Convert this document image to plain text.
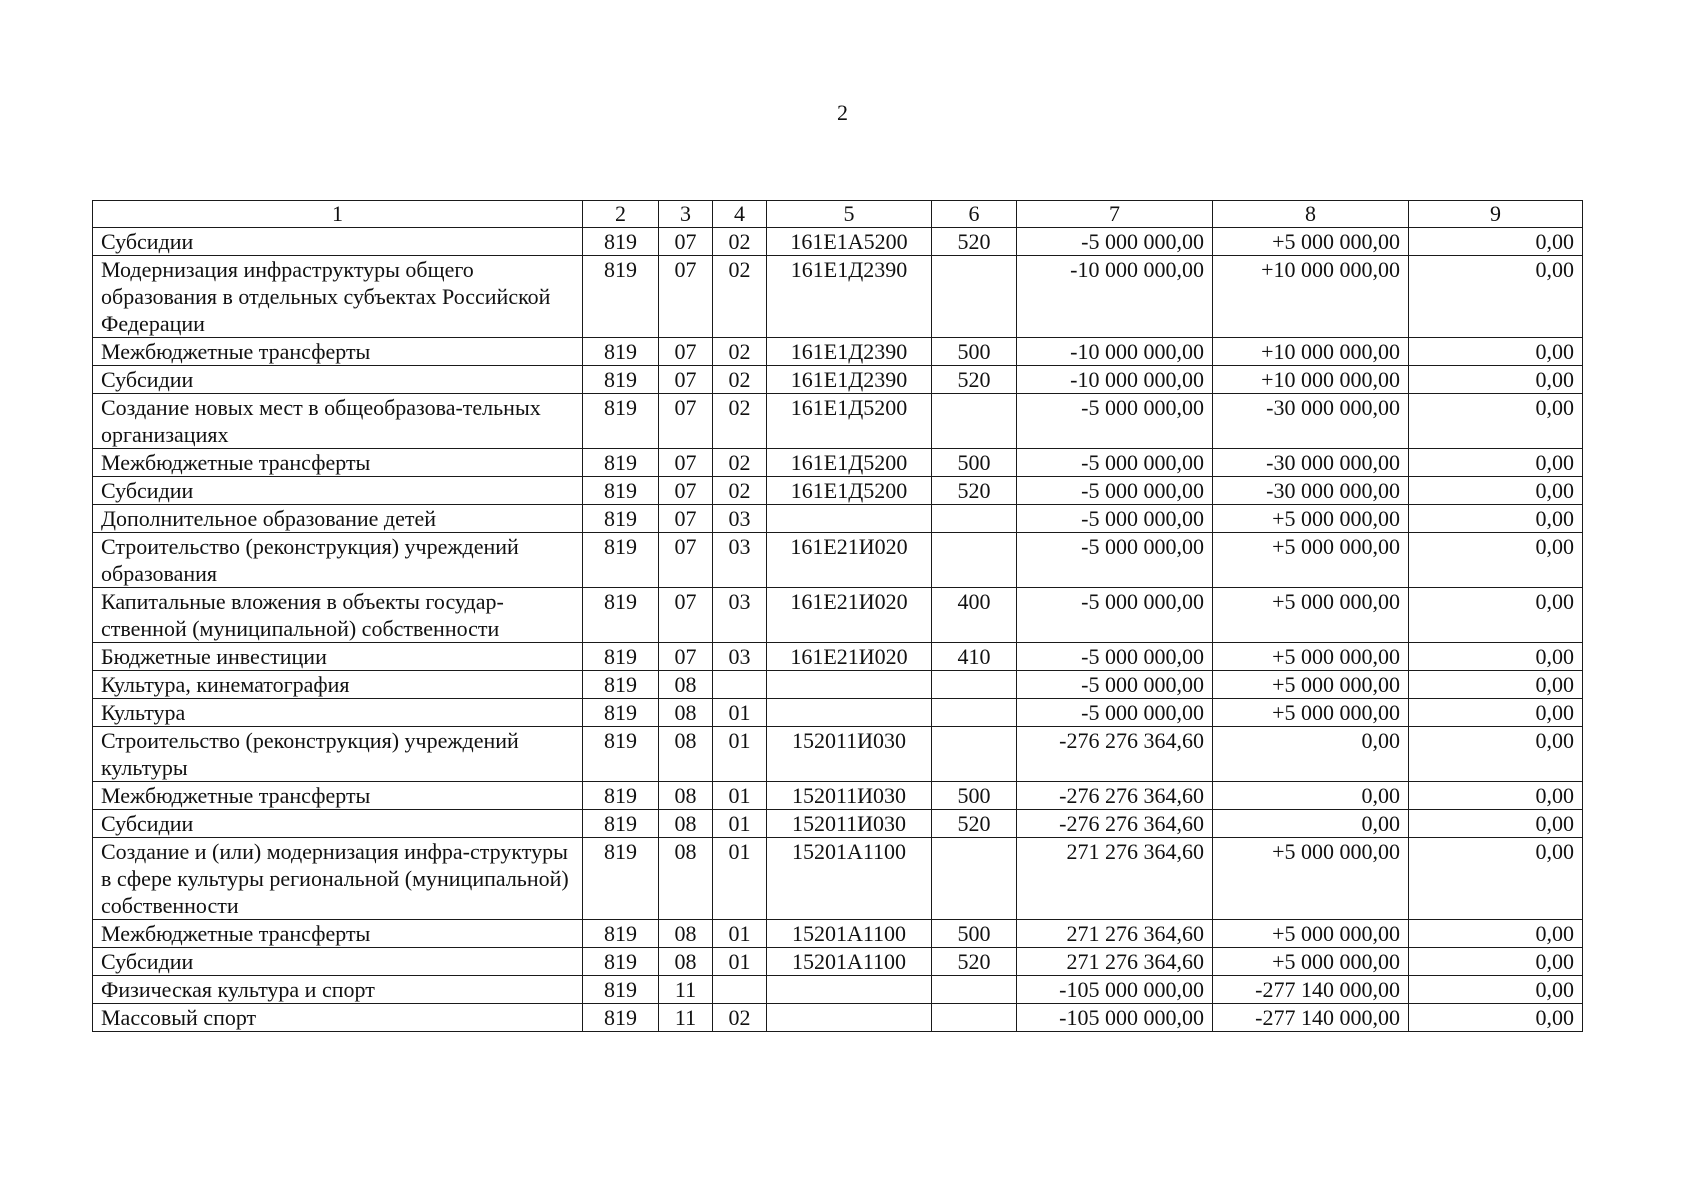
2
1	2	3	4	5	6	7	8	9
Субсидии	819	07	02	161E1A5200	520	-5 000 000,00	+5 000 000,00	0,00
Модернизация инфраструктуры общего образования в отдельных субъектах Российской Федерации	819	07	02	161E1Д2390		-10 000 000,00	+10 000 000,00	0,00
Межбюджетные трансферты	819	07	02	161E1Д2390	500	-10 000 000,00	+10 000 000,00	0,00
Субсидии	819	07	02	161E1Д2390	520	-10 000 000,00	+10 000 000,00	0,00
Создание новых мест в общеобразова-тельных организациях	819	07	02	161E1Д5200		-5 000 000,00	-30 000 000,00	0,00
Межбюджетные трансферты	819	07	02	161E1Д5200	500	-5 000 000,00	-30 000 000,00	0,00
Субсидии	819	07	02	161E1Д5200	520	-5 000 000,00	-30 000 000,00	0,00
Дополнительное образование детей	819	07	03			-5 000 000,00	+5 000 000,00	0,00
Строительство (реконструкция) учреждений образования	819	07	03	161E21И020		-5 000 000,00	+5 000 000,00	0,00
Капитальные вложения в объекты государ-ственной (муниципальной) собственности	819	07	03	161E21И020	400	-5 000 000,00	+5 000 000,00	0,00
Бюджетные инвестиции	819	07	03	161E21И020	410	-5 000 000,00	+5 000 000,00	0,00
Культура, кинематография	819	08				-5 000 000,00	+5 000 000,00	0,00
Культура	819	08	01			-5 000 000,00	+5 000 000,00	0,00
Строительство (реконструкция) учреждений культуры	819	08	01	152011И030		-276 276 364,60	0,00	0,00
Межбюджетные трансферты	819	08	01	152011И030	500	-276 276 364,60	0,00	0,00
Субсидии	819	08	01	152011И030	520	-276 276 364,60	0,00	0,00
Создание и (или) модернизация инфра-структуры в сфере культуры региональной (муниципальной) собственности	819	08	01	15201A1100		271 276 364,60	+5 000 000,00	0,00
Межбюджетные трансферты	819	08	01	15201A1100	500	271 276 364,60	+5 000 000,00	0,00
Субсидии	819	08	01	15201A1100	520	271 276 364,60	+5 000 000,00	0,00
Физическая культура и спорт	819	11				-105 000 000,00	-277 140 000,00	0,00
Массовый спорт	819	11	02			-105 000 000,00	-277 140 000,00	0,00
